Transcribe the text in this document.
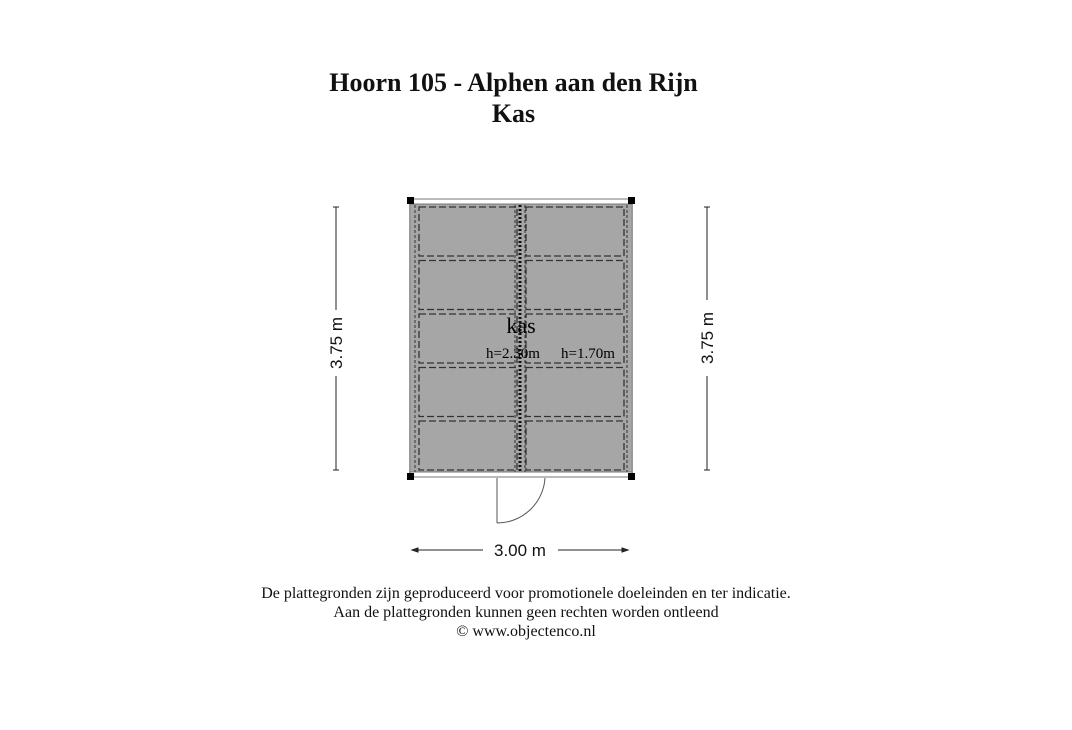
Hoorn 105 - Alphen aan den Rijn
Kas
kas
h=2.30m h=1.70m
3.75 m	3.75 m
3.00 m
De plattegronden zijn geproduceerd voor promotionele doeleinden en ter indicatie.
Aan de plattegronden kunnen geen rechten worden ontleend
© www.objectenco.nl
